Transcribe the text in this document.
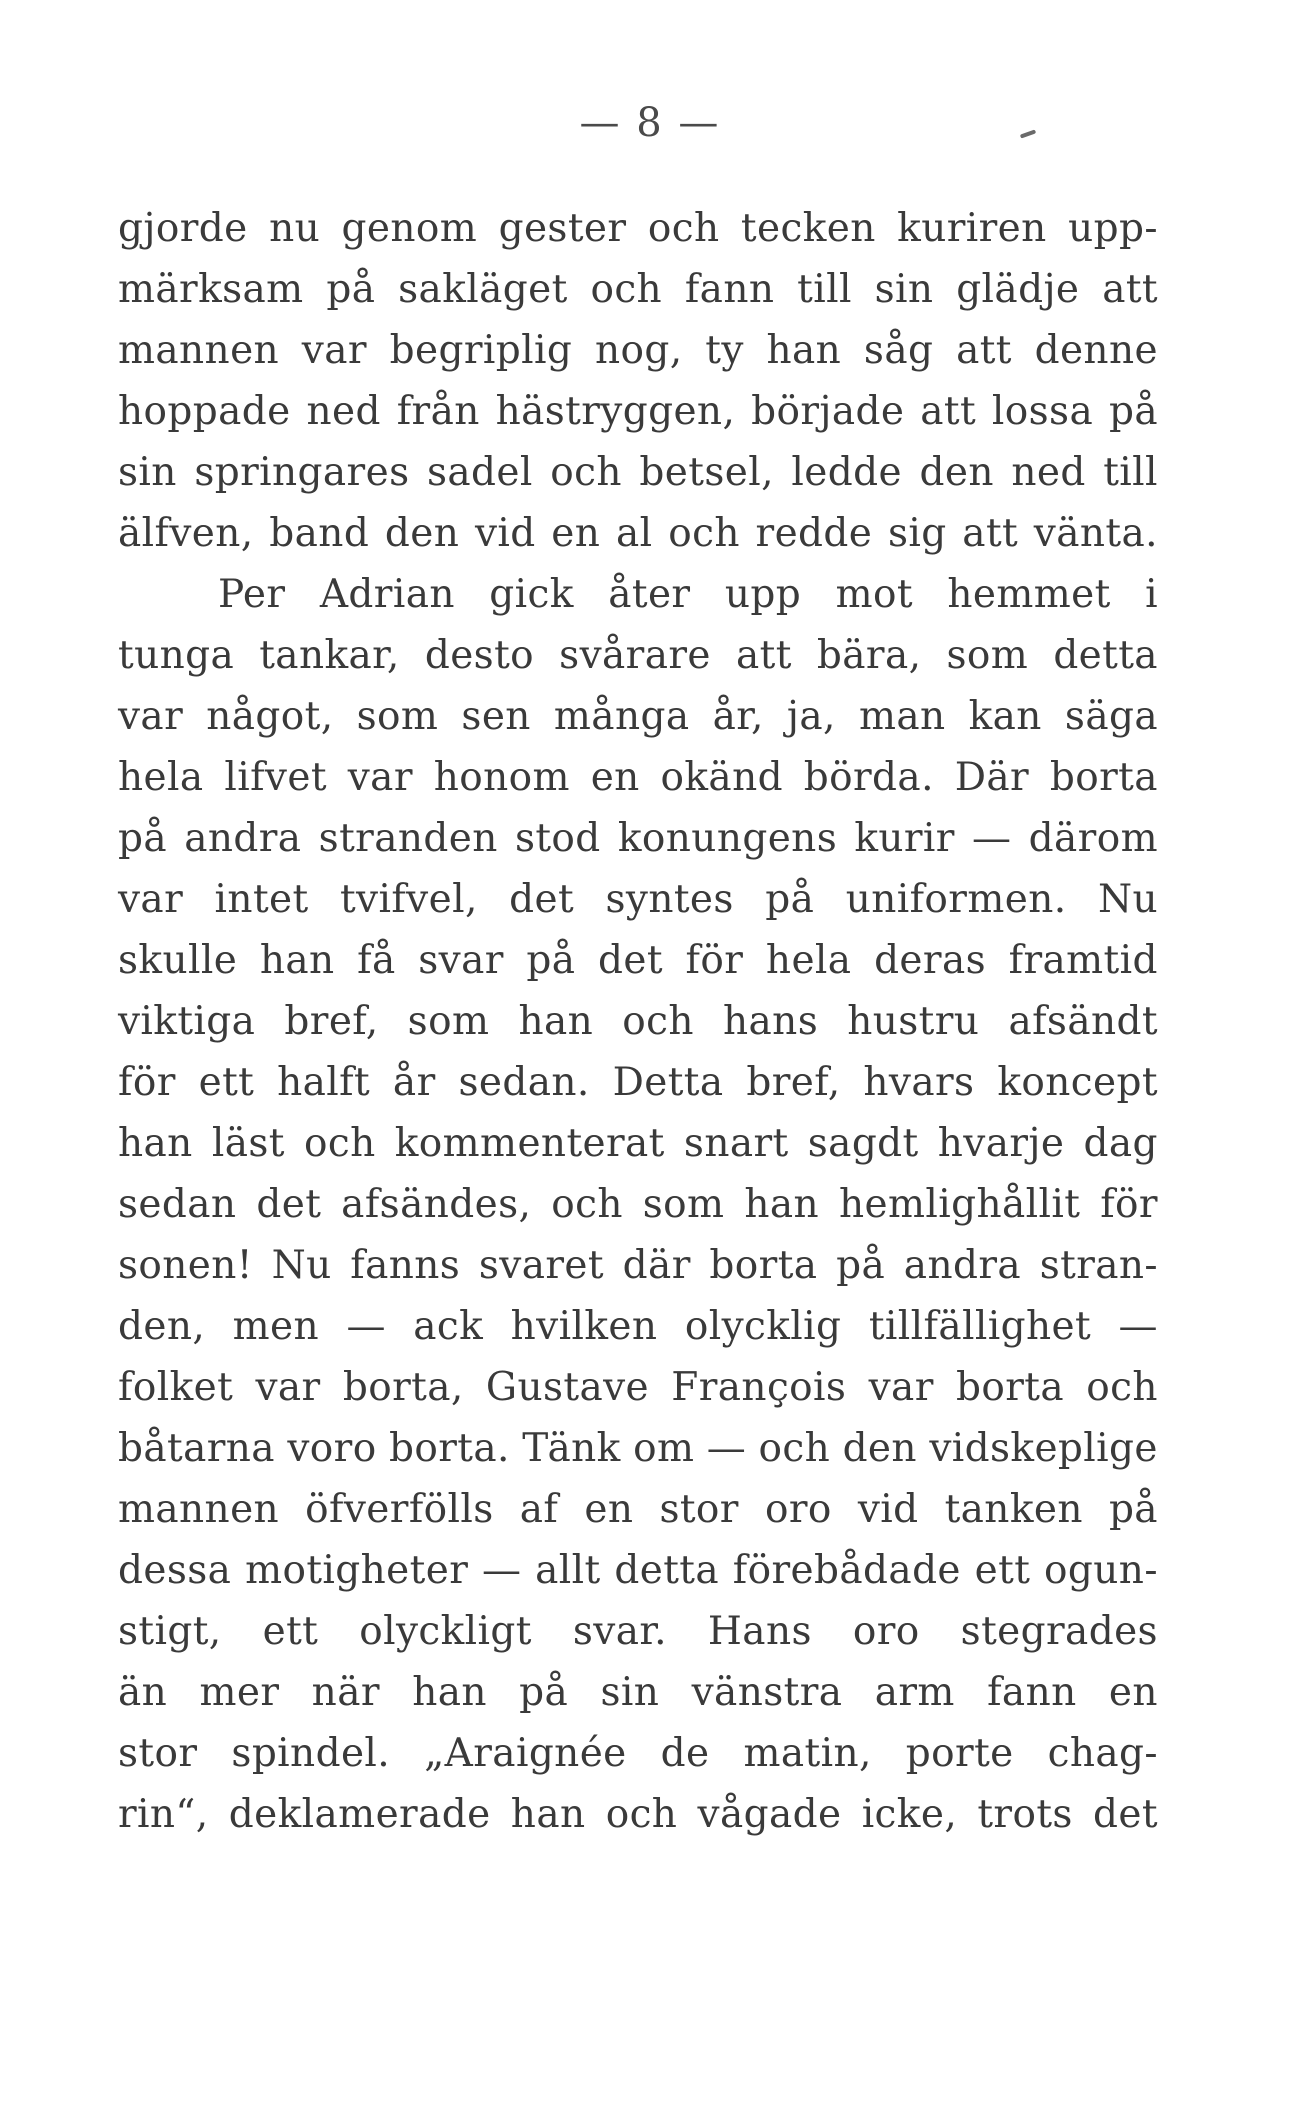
— 8 —
gjorde nu genom gester och tecken kuriren upp-
märksam på sakläget och fann till sin glädje att
mannen var begriplig nog, ty han såg att denne
hoppade ned från hästryggen, började att lossa på
sin springares sadel och betsel, ledde den ned till
älfven, band den vid en al och redde sig att vänta.
Per Adrian gick åter upp mot hemmet i
tunga tankar, desto svårare att bära, som detta
var något, som sen många år, ja, man kan säga
hela lifvet var honom en okänd börda. Där borta
på andra stranden stod konungens kurir — därom
var intet tvifvel, det syntes på uniformen. Nu
skulle han få svar på det för hela deras framtid
viktiga bref, som han och hans hustru afsändt
för ett halft år sedan. Detta bref, hvars koncept
han läst och kommenterat snart sagdt hvarje dag
sedan det afsändes, och som han hemlighållit för
sonen! Nu fanns svaret där borta på andra stran-
den, men — ack hvilken olycklig tillfällighet —
folket var borta, Gustave François var borta och
båtarna voro borta. Tänk om — och den vidskeplige
mannen öfverfölls af en stor oro vid tanken på
dessa motigheter — allt detta förebådade ett ogun-
stigt, ett olyckligt svar. Hans oro stegrades
än mer när han på sin vänstra arm fann en
stor spindel. „Araignée de matin, porte chag-
rin“, deklamerade han och vågade icke, trots det
